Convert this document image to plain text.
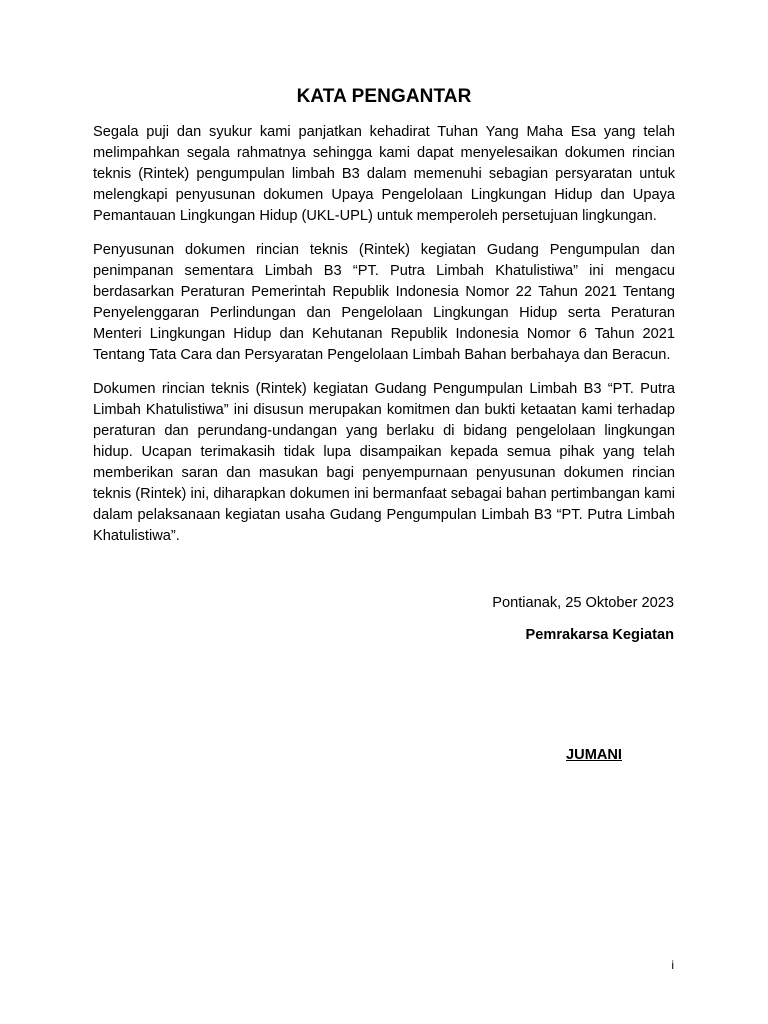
KATA PENGANTAR

Segala puji dan syukur kami panjatkan kehadirat Tuhan Yang Maha Esa yang telah melimpahkan segala rahmatnya sehingga kami dapat menyelesaikan dokumen rincian teknis (Rintek) pengumpulan limbah B3 dalam memenuhi sebagian persyaratan untuk melengkapi penyusunan dokumen Upaya Pengelolaan Lingkungan Hidup dan Upaya Pemantauan Lingkungan Hidup (UKL-UPL) untuk memperoleh persetujuan lingkungan.

Penyusunan dokumen rincian teknis (Rintek) kegiatan Gudang Pengumpulan dan penimpanan sementara Limbah B3 “PT. Putra Limbah Khatulistiwa” ini mengacu berdasarkan Peraturan Pemerintah Republik Indonesia Nomor 22 Tahun 2021 Tentang Penyelenggaran Perlindungan dan Pengelolaan Lingkungan Hidup serta Peraturan Menteri Lingkungan Hidup dan Kehutanan Republik Indonesia Nomor 6 Tahun 2021 Tentang Tata Cara dan Persyaratan Pengelolaan Limbah Bahan berbahaya dan Beracun.

Dokumen rincian teknis (Rintek) kegiatan Gudang Pengumpulan Limbah B3 “PT. Putra Limbah Khatulistiwa” ini disusun merupakan komitmen dan bukti ketaatan kami terhadap peraturan dan perundang-undangan yang berlaku di bidang pengelolaan lingkungan hidup. Ucapan terimakasih tidak lupa disampaikan kepada semua pihak yang telah memberikan saran dan masukan bagi penyempurnaan penyusunan dokumen rincian teknis (Rintek) ini, diharapkan dokumen ini bermanfaat sebagai bahan pertimbangan kami dalam pelaksanaan kegiatan usaha Gudang Pengumpulan Limbah B3 “PT. Putra Limbah Khatulistiwa”.

Pontianak, 25 Oktober 2023

Pemrakarsa Kegiatan

JUMANI

i
